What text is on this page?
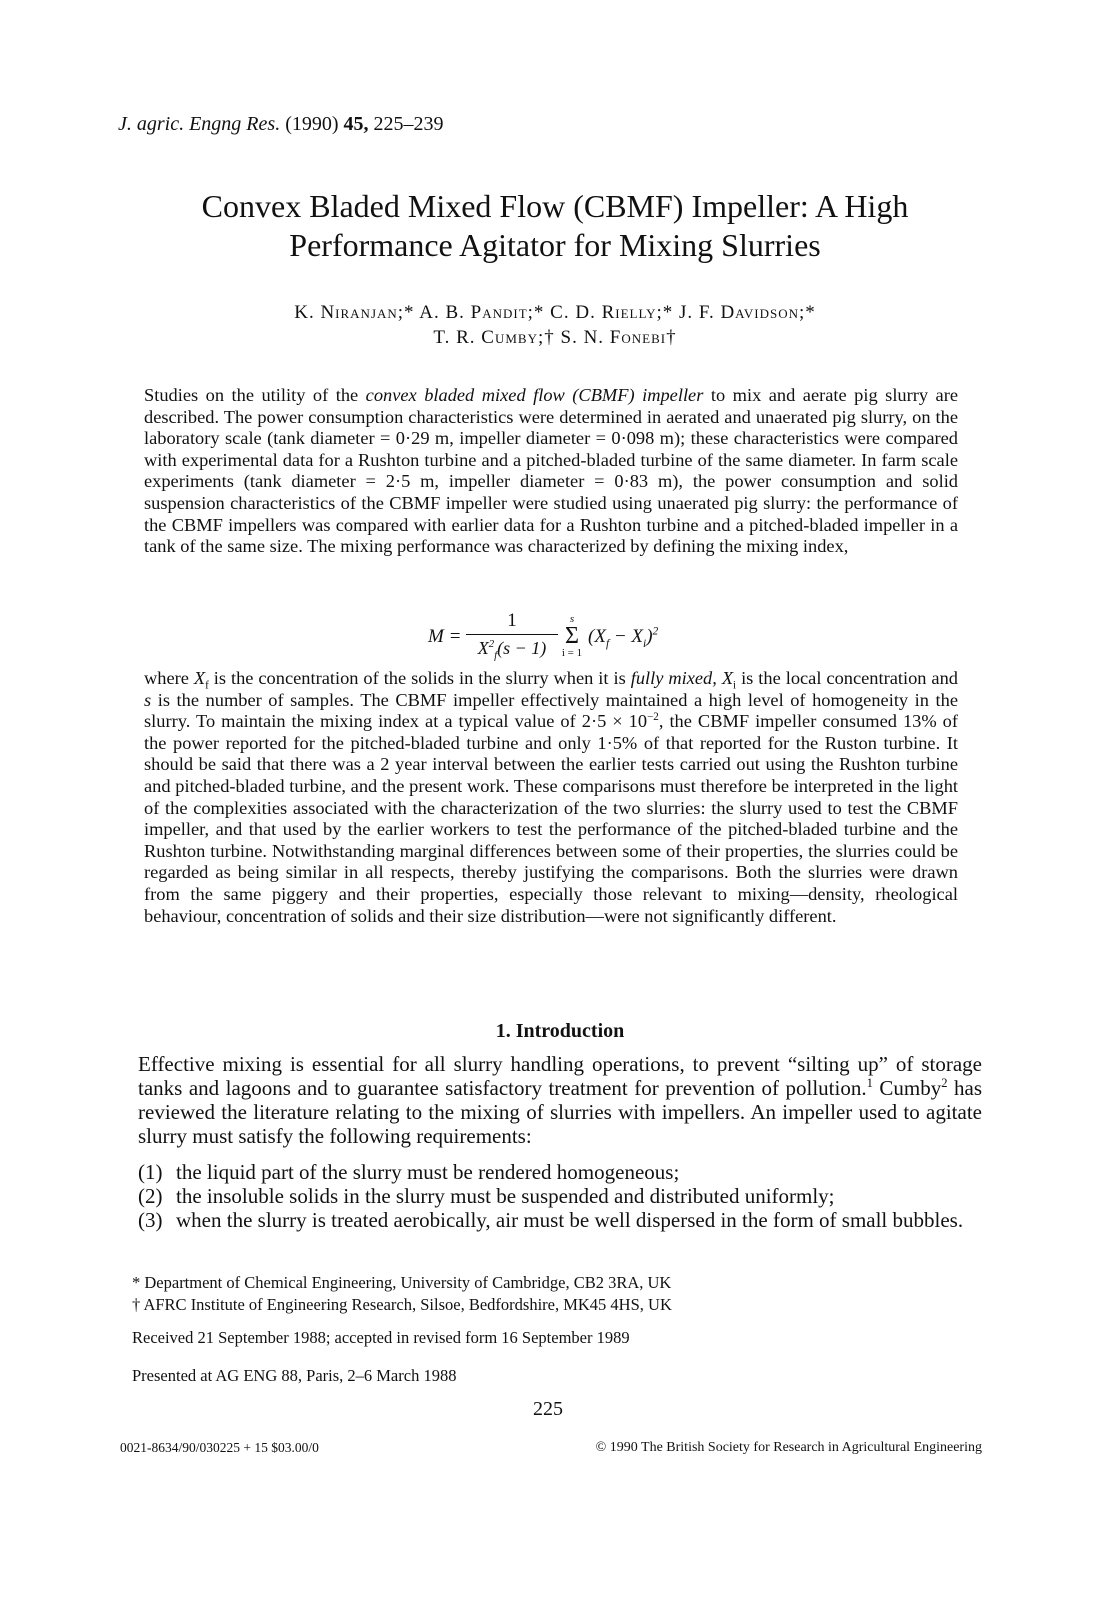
J. agric. Engng Res. (1990) 45, 225–239
Convex Bladed Mixed Flow (CBMF) Impeller: A High
Performance Agitator for Mixing Slurries
K. Niranjan;* A. B. Pandit;* C. D. Rielly;* J. F. Davidson;*
T. R. Cumby;† S. N. Fonebi†

Studies on the utility of the convex bladed mixed flow (CBMF) impeller to mix and aerate pig slurry are described. The power consumption characteristics were determined in aerated and unaerated pig slurry, on the laboratory scale (tank diameter = 0·29 m, impeller diameter = 0·098 m); these characteristics were compared with experimental data for a Rushton turbine and a pitched-bladed turbine of the same diameter. In farm scale experiments (tank diameter = 2·5 m, impeller diameter = 0·83 m), the power consumption and solid suspension characteristics of the CBMF impeller were studied using unaerated pig slurry: the performance of the CBMF impellers was compared with earlier data for a Rushton turbine and a pitched-bladed impeller in a tank of the same size. The mixing performance was characterized by defining the mixing index,

M =
1
$X^2_f(s - 1)$
s
Σ
i = 1
$(X_f - X_i)^2$

where $X_f$ is the concentration of the solids in the slurry when it is fully mixed, $X_i$ is the local concentration and s is the number of samples. The CBMF impeller effectively maintained a high level of homogeneity in the slurry. To maintain the mixing index at a typical value of $2\cdot 5 \times 10^{-2}$, the CBMF impeller consumed 13% of the power reported for the pitched-bladed turbine and only 1·5% of that reported for the Ruston turbine. It should be said that there was a 2 year interval between the earlier tests carried out using the Rushton turbine and pitched-bladed turbine, and the present work. These comparisons must therefore be interpreted in the light of the complexities associated with the characterization of the two slurries: the slurry used to test the CBMF impeller, and that used by the earlier workers to test the performance of the pitched-bladed turbine and the Rushton turbine. Notwithstanding marginal differences between some of their properties, the slurries could be regarded as being similar in all respects, thereby justifying the comparisons. Both the slurries were drawn from the same piggery and their properties, especially those relevant to mixing—density, rheological behaviour, concentration of solids and their size distribution—were not significantly different.

1. Introduction

Effective mixing is essential for all slurry handling operations, to prevent “silting up” of storage tanks and lagoons and to guarantee satisfactory treatment for prevention of pollution.$^1$ Cumby$^2$ has reviewed the literature relating to the mixing of slurries with impellers. An impeller used to agitate slurry must satisfy the following requirements:

(1) the liquid part of the slurry must be rendered homogeneous;
(2) the insoluble solids in the slurry must be suspended and distributed uniformly;
(3) when the slurry is treated aerobically, air must be well dispersed in the form of small bubbles.
* Department of Chemical Engineering, University of Cambridge, CB2 3RA, UK
† AFRC Institute of Engineering Research, Silsoe, Bedfordshire, MK45 4HS, UK
Received 21 September 1988; accepted in revised form 16 September 1989
Presented at AG ENG 88, Paris, 2–6 March 1988
225
0021-8634/90/030225 + 15 $03.00/0	© 1990 The British Society for Research in Agricultural Engineering
